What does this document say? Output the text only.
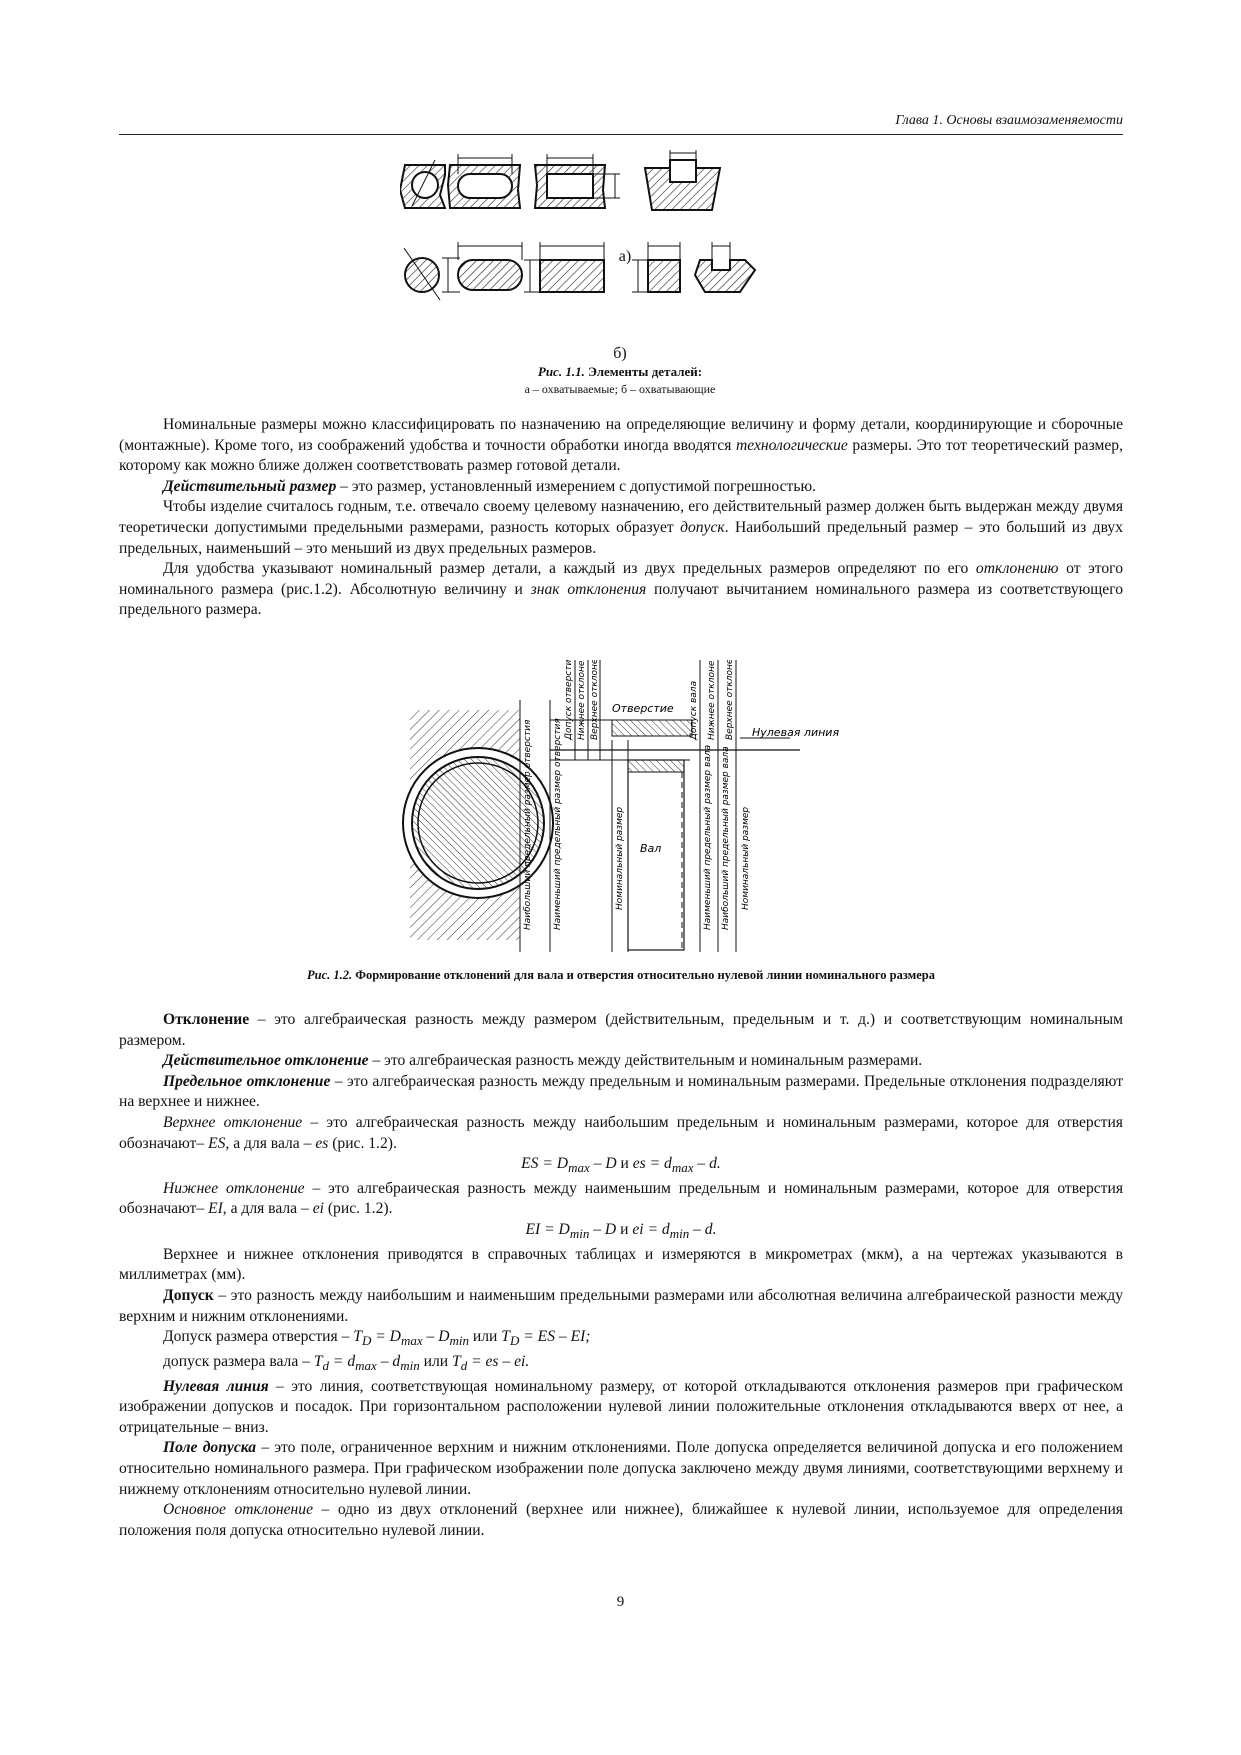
Глава 1. Основы взаимозаменяемости
а)
б)
Рис. 1.1. Элементы деталей:
а – охватываемые; б – охватывающие

Номинальные размеры можно классифицировать по назначению на определяющие величину и форму детали, координирующие и сборочные (монтажные). Кроме того, из соображений удобства и точности обработки иногда вводятся технологические размеры. Это тот теоретический размер, которому как можно ближе должен соответствовать размер готовой детали.

Действительный размер – это размер, установленный измерением с допустимой погрешностью.

Чтобы изделие считалось годным, т.е. отвечало своему целевому назначению, его действительный размер должен быть выдержан между двумя теоретически допустимыми предельными размерами, разность которых образует допуск. Наибольший предельный размер – это больший из двух предельных, наименьший – это меньший из двух предельных размеров.

Для удобства указывают номинальный размер детали, а каждый из двух предельных размеров определяют по его отклонению от этого номинального размера (рис.1.2). Абсолютную величину и знак отклонения получают вычитанием номинального размера из соответствующего предельного размера.

Нулевая линия
Отверстие
Вал
Допуск отверстия Нижнее отклонение отверстия Верхнее отклонение отверстия
Наибольший предельный размер отверстия Наименьший предельный размер отверстия	Номинальный размер
Допуск вала Нижнее отклонение вала Верхнее отклонение вала
Наименьший предельный размер вала Наибольший предельный размер вала Номинальный размер
Рис. 1.2. Формирование отклонений для вала и отверстия относительно нулевой линии номинального размера

Отклонение – это алгебраическая разность между размером (действительным, предельным и т. д.) и соответствующим номинальным размером.

Действительное отклонение – это алгебраическая разность между действительным и номинальным размерами.

Предельное отклонение – это алгебраическая разность между предельным и номинальным размерами. Предельные отклонения подразделяют на верхнее и нижнее.

Верхнее отклонение – это алгебраическая разность между наибольшим предельным и номинальным размерами, которое для отверстия обозначают– ES, а для вала – es (рис. 1.2).

ES = $D_{max}$ – D и es = $d_{max}$ – d.

Нижнее отклонение – это алгебраическая разность между наименьшим предельным и номинальным размерами, которое для отверстия обозначают– EI, а для вала – ei (рис. 1.2).

EI = $D_{min}$ – D и ei = $d_{min}$ – d.

Верхнее и нижнее отклонения приводятся в справочных таблицах и измеряются в микрометрах (мкм), а на чертежах указываются в миллиметрах (мм).

Допуск – это разность между наибольшим и наименьшим предельными размерами или абсолютная величина алгебраической разности между верхним и нижним отклонениями.

Допуск размера отверстия – $T_D = D_{max} - D_{min}$ или $T_D$ = ES – EI;

допуск размера вала – $T_d = d_{max} - d_{min}$ или $T_d$ = es – ei.

Нулевая линия – это линия, соответствующая номинальному размеру, от которой откладываются отклонения размеров при графическом изображении допусков и посадок. При горизонтальном расположении нулевой линии положительные отклонения откладываются вверх от нее, а отрицательные – вниз.

Поле допуска – это поле, ограниченное верхним и нижним отклонениями. Поле допуска определяется величиной допуска и его положением относительно номинального размера. При графическом изображении поле допуска заключено между двумя линиями, соответствующими верхнему и нижнему отклонениям относительно нулевой линии.

Основное отклонение – одно из двух отклонений (верхнее или нижнее), ближайшее к нулевой линии, используемое для определения положения поля допуска относительно нулевой линии.

9
